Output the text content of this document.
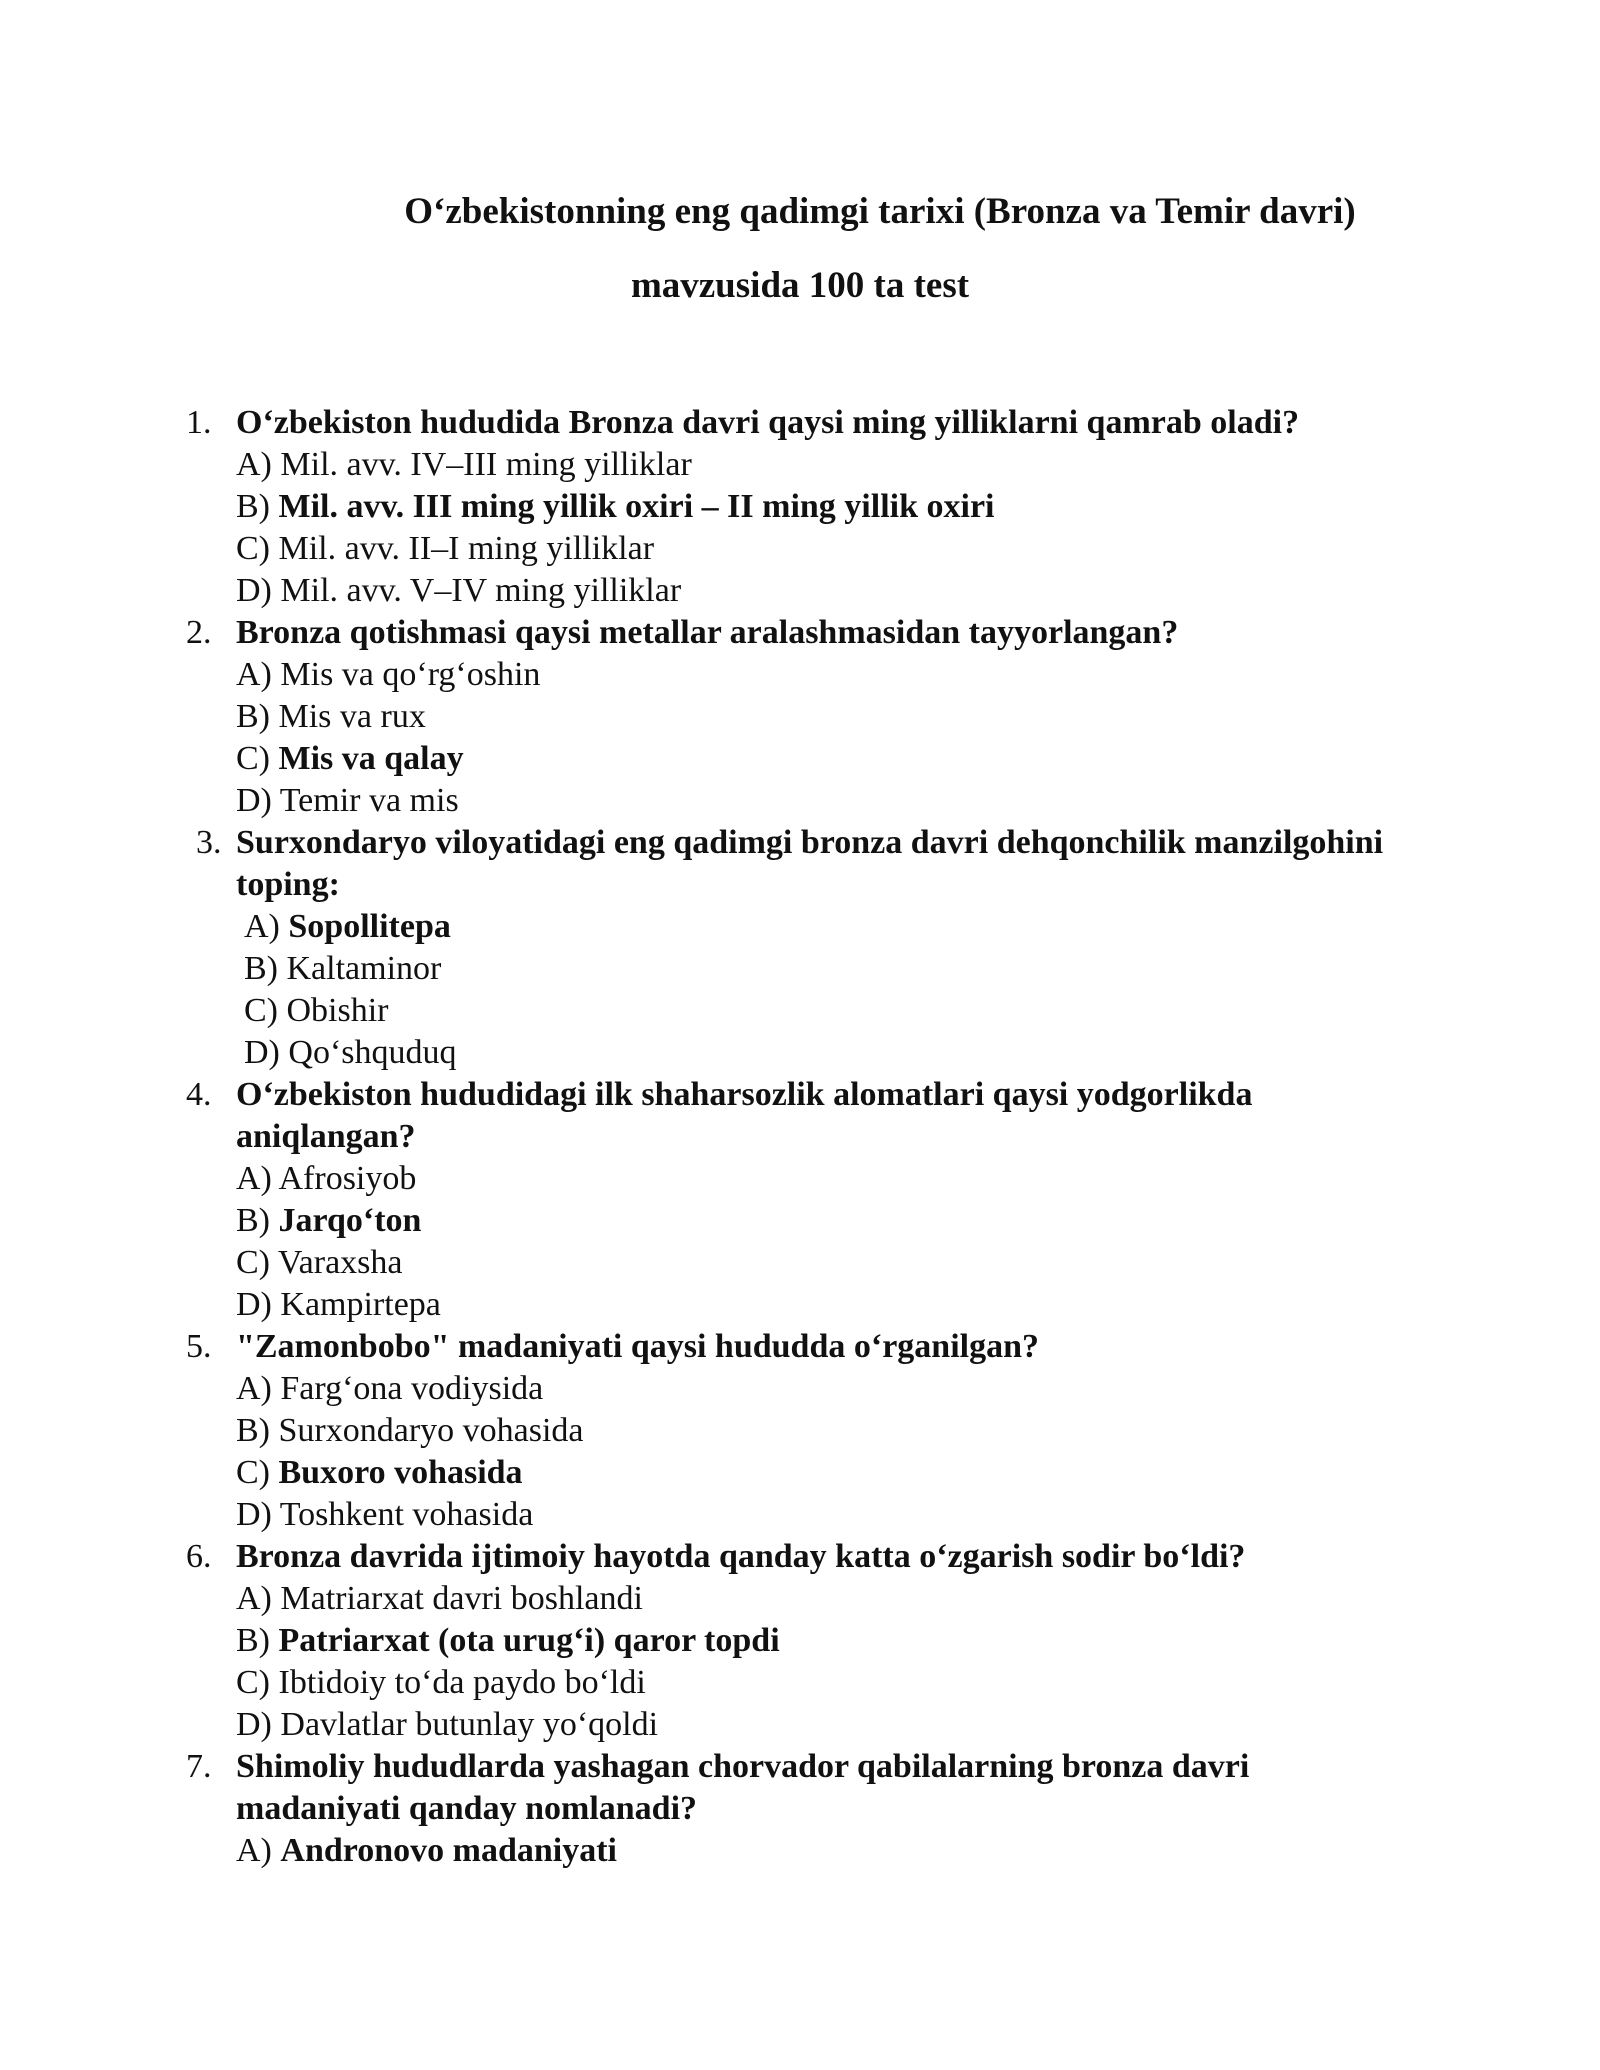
O‘zbekistonning eng qadimgi tarixi (Bronza va Temir davri)
mavzusida 100 ta test
1. O‘zbekiston hududida Bronza davri qaysi ming yilliklarni qamrab oladi?
A) Mil. avv. IV–III ming yilliklar
B) Mil. avv. III ming yillik oxiri – II ming yillik oxiri
C) Mil. avv. II–I ming yilliklar
D) Mil. avv. V–IV ming yilliklar
2. Bronza qotishmasi qaysi metallar aralashmasidan tayyorlangan?
A) Mis va qo‘rg‘oshin
B) Mis va rux
C) Mis va qalay
D) Temir va mis
3. Surxondaryo viloyatidagi eng qadimgi bronza davri dehqonchilik manzilgohini toping:
A) Sopollitepa
B) Kaltaminor
C) Obishir
D) Qo‘shquduq
4. O‘zbekiston hududidagi ilk shaharsozlik alomatlari qaysi yodgorlikda aniqlangan?
A) Afrosiyob
B) Jarqo‘ton
C) Varaxsha
D) Kampirtepa
5. "Zamonbobo" madaniyati qaysi hududda o‘rganilgan?
A) Farg‘ona vodiysida
B) Surxondaryo vohasida
C) Buxoro vohasida
D) Toshkent vohasida
6. Bronza davrida ijtimoiy hayotda qanday katta o‘zgarish sodir bo‘ldi?
A) Matriarxat davri boshlandi
B) Patriarxat (ota urug‘i) qaror topdi
C) Ibtidoiy to‘da paydo bo‘ldi
D) Davlatlar butunlay yo‘qoldi
7. Shimoliy hududlarda yashagan chorvador qabilalarning bronza davri madaniyati qanday nomlanadi?
A) Andronovo madaniyati
